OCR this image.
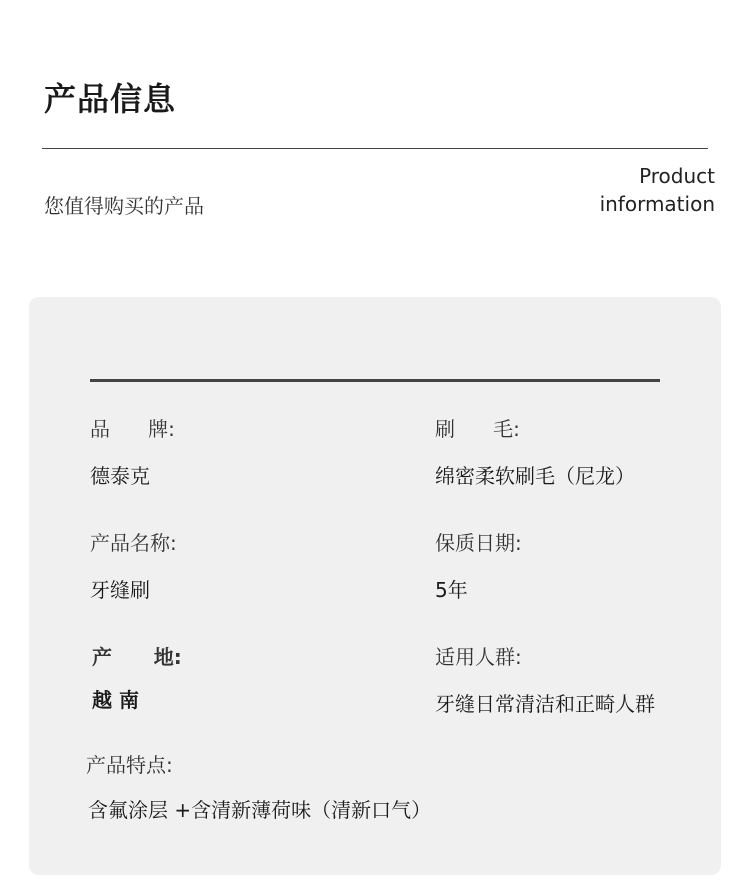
产品信息
您值得购买的产品
Product
information
品      牌:
德泰克
刷      毛:
绵密柔软刷毛（尼龙）
产品名称:
牙缝刷
保质日期:
5年
产      地:
越 南
适用人群:
牙缝日常清洁和正畸人群
产品特点:
含氟涂层 +含清新薄荷味（清新口气）
